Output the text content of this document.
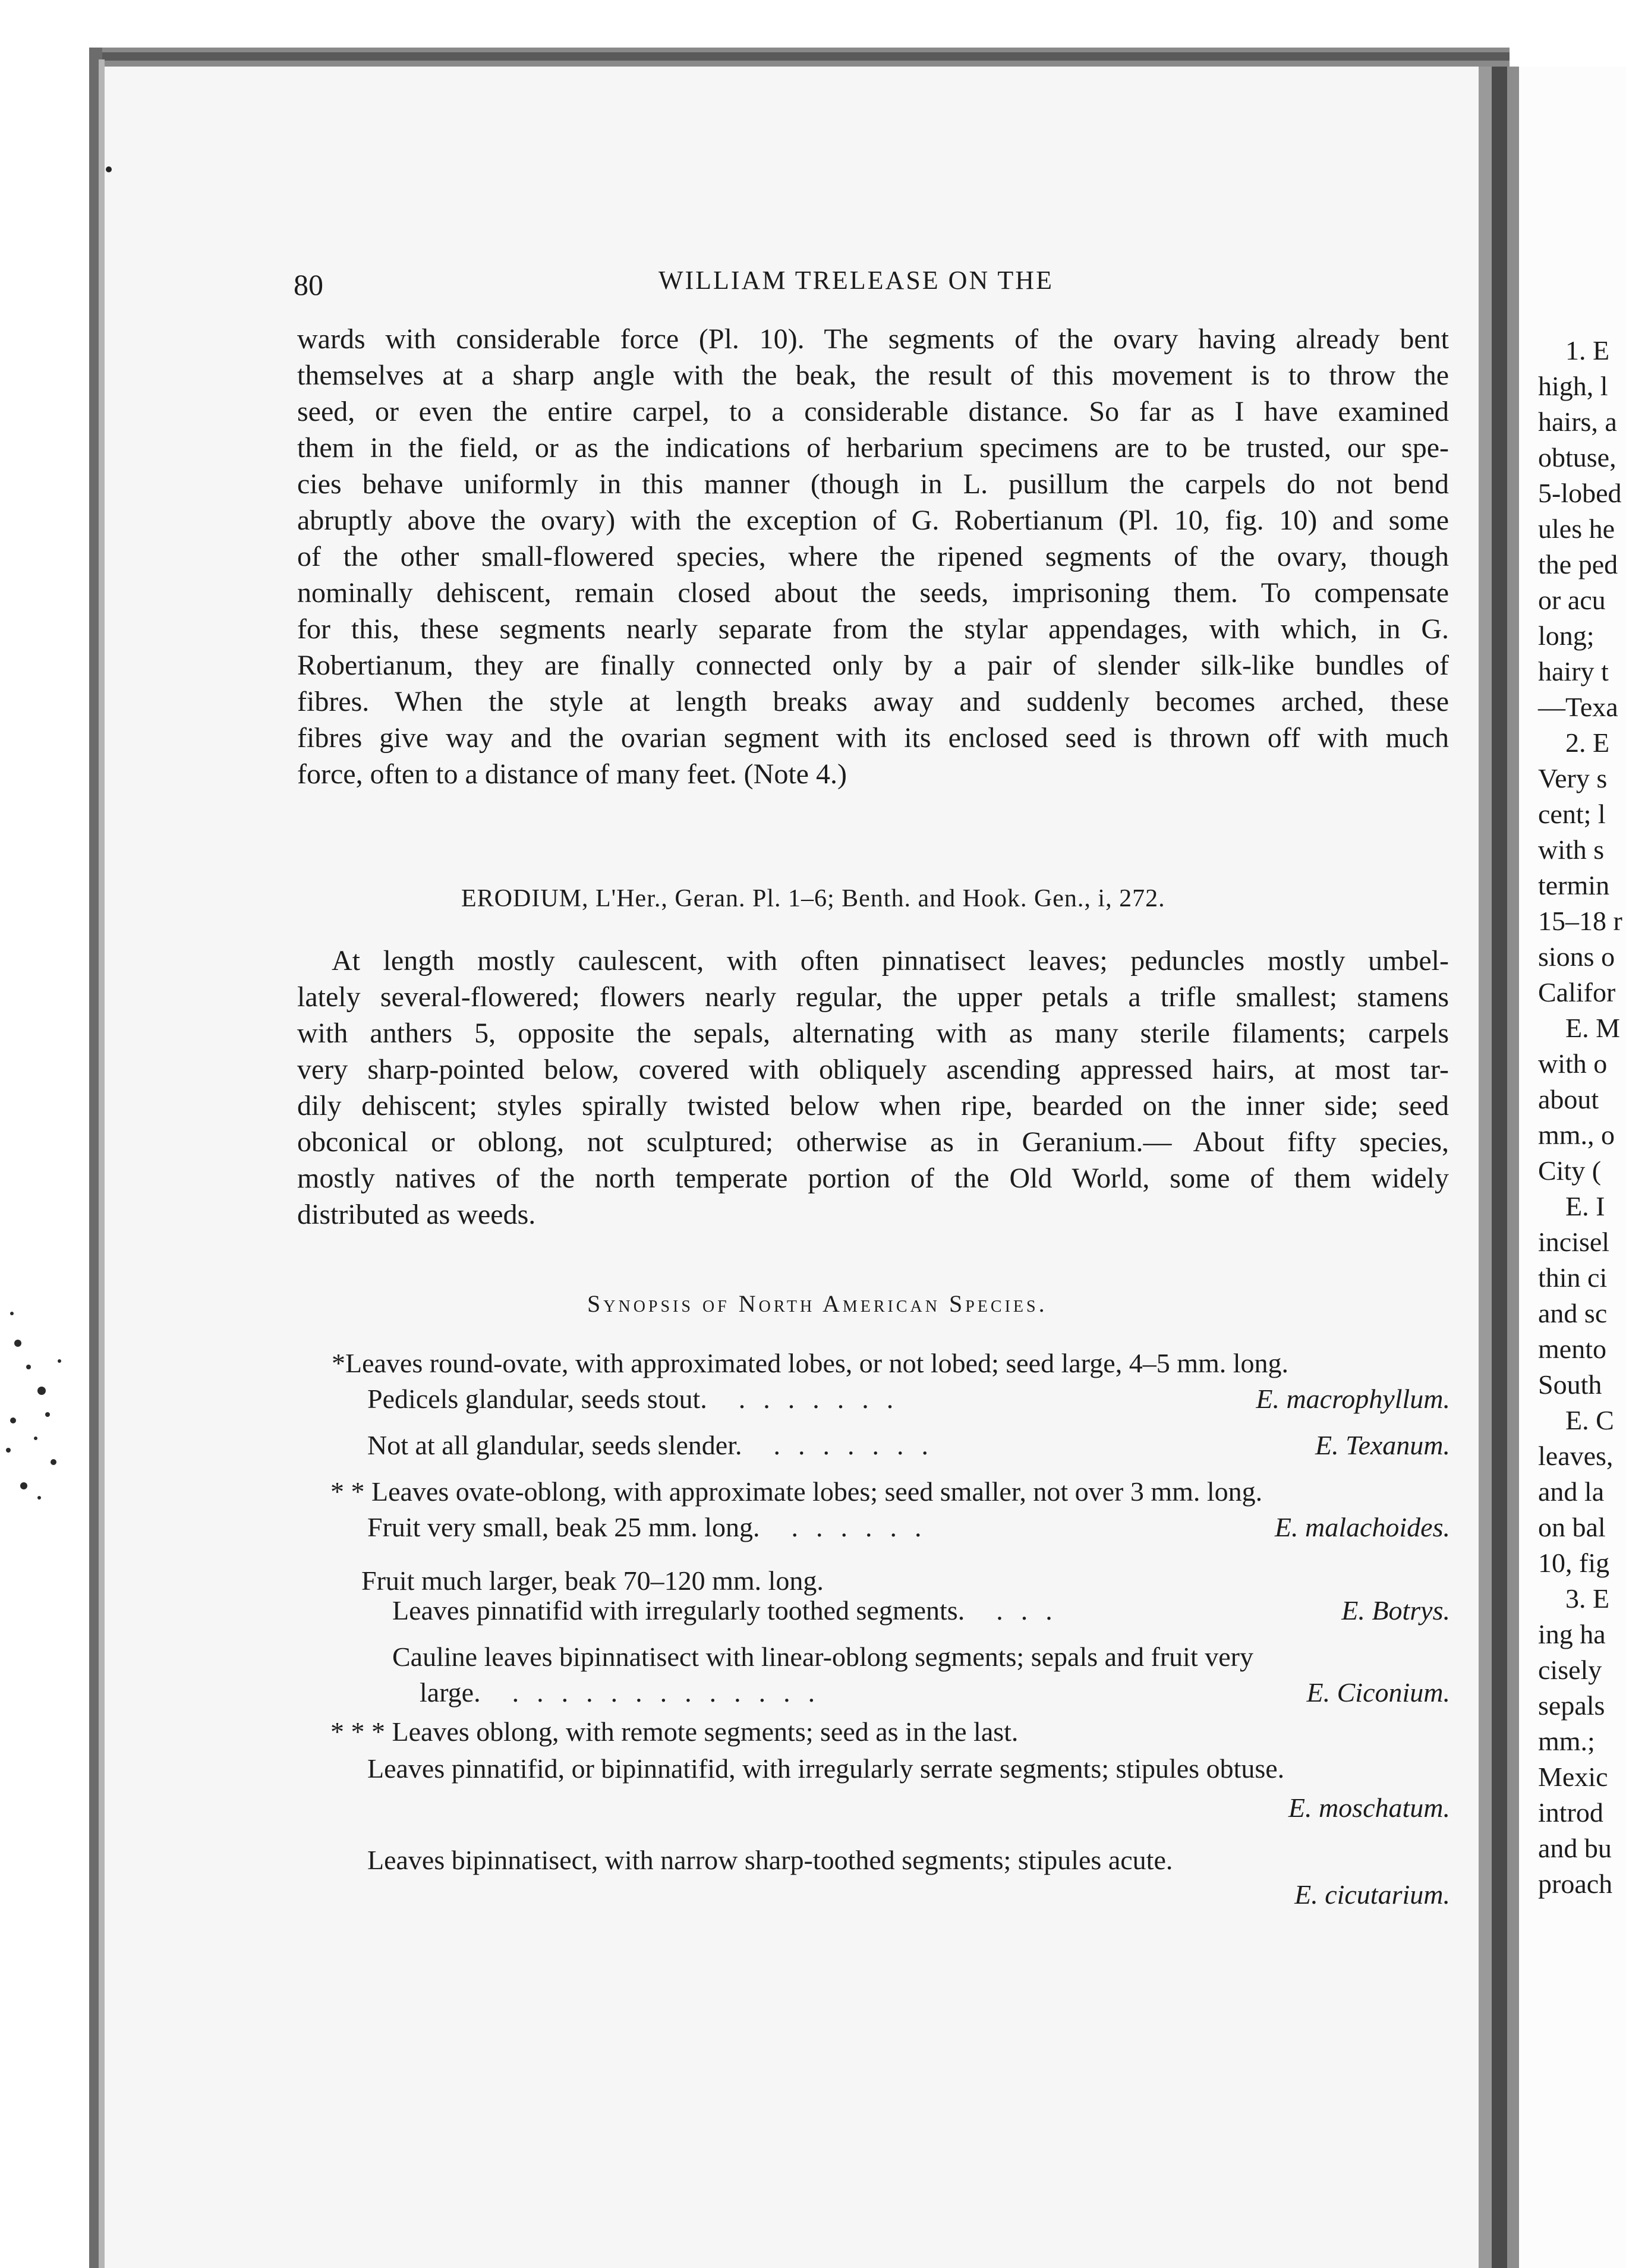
80	WILLIAM TRELEASE ON THE
wards with considerable force (Pl. 10). The segments of the ovary having already bent
themselves at a sharp angle with the beak, the result of this movement is to throw the
seed, or even the entire carpel, to a considerable distance. So far as I have examined
them in the field, or as the indications of herbarium specimens are to be trusted, our spe-
cies behave uniformly in this manner (though in L. pusillum the carpels do not bend
abruptly above the ovary) with the exception of G. Robertianum (Pl. 10, fig. 10) and some
of the other small-flowered species, where the ripened segments of the ovary, though
nominally dehiscent, remain closed about the seeds, imprisoning them. To compensate
for this, these segments nearly separate from the stylar appendages, with which, in G.
Robertianum, they are finally connected only by a pair of slender silk-like bundles of
fibres. When the style at length breaks away and suddenly becomes arched, these
fibres give way and the ovarian segment with its enclosed seed is thrown off with much
force, often to a distance of many feet. (Note 4.)
ERODIUM, L'Her., Geran. Pl. 1–6; Benth. and Hook. Gen., i, 272.
At length mostly caulescent, with often pinnatisect leaves; peduncles mostly umbel-
lately several-flowered; flowers nearly regular, the upper petals a trifle smallest; stamens
with anthers 5, opposite the sepals, alternating with as many sterile filaments; carpels
very sharp-pointed below, covered with obliquely ascending appressed hairs, at most tar-
dily dehiscent; styles spirally twisted below when ripe, bearded on the inner side; seed
obconical or oblong, not sculptured; otherwise as in Geranium.— About fifty species,
mostly natives of the north temperate portion of the Old World, some of them widely
distributed as weeds.
Synopsis of North American Species.
*Leaves round-ovate, with approximated lobes, or not lobed; seed large, 4–5 mm. long.
Pedicels glandular, seeds stout.  .......	E. macrophyllum.
Not at all glandular, seeds slender.  .......	E. Texanum.
* * Leaves ovate-oblong, with approximate lobes; seed smaller, not over 3 mm. long.
Fruit very small, beak 25 mm. long.  ......	E. malachoides.
Fruit much larger, beak 70–120 mm. long.
Leaves pinnatifid with irregularly toothed segments.  ...	E. Botrys.
Cauline leaves bipinnatisect with linear-oblong segments; sepals and fruit very
large.  .............	E. Ciconium.
* * * Leaves oblong, with remote segments; seed as in the last.
Leaves pinnatifid, or bipinnatifid, with irregularly serrate segments; stipules obtuse.
E. moschatum.
Leaves bipinnatisect, with narrow sharp-toothed segments; stipules acute.
E. cicutarium.
1. E
high, l
hairs, a
obtuse,
5-lobed
ules he
the ped
or acu
long;
hairy t
—Texa
2. E
Very s
cent; l
with s
termin
15–18 r
sions o
Califor
E. M
with o
about
mm., o
City (
E. I
incisel
thin ci
and sc
mento
South
E. C
leaves,
and la
on bal
10, fig
3. E
ing ha
cisely
sepals
mm.;
Mexic
introd
and bu
proach
